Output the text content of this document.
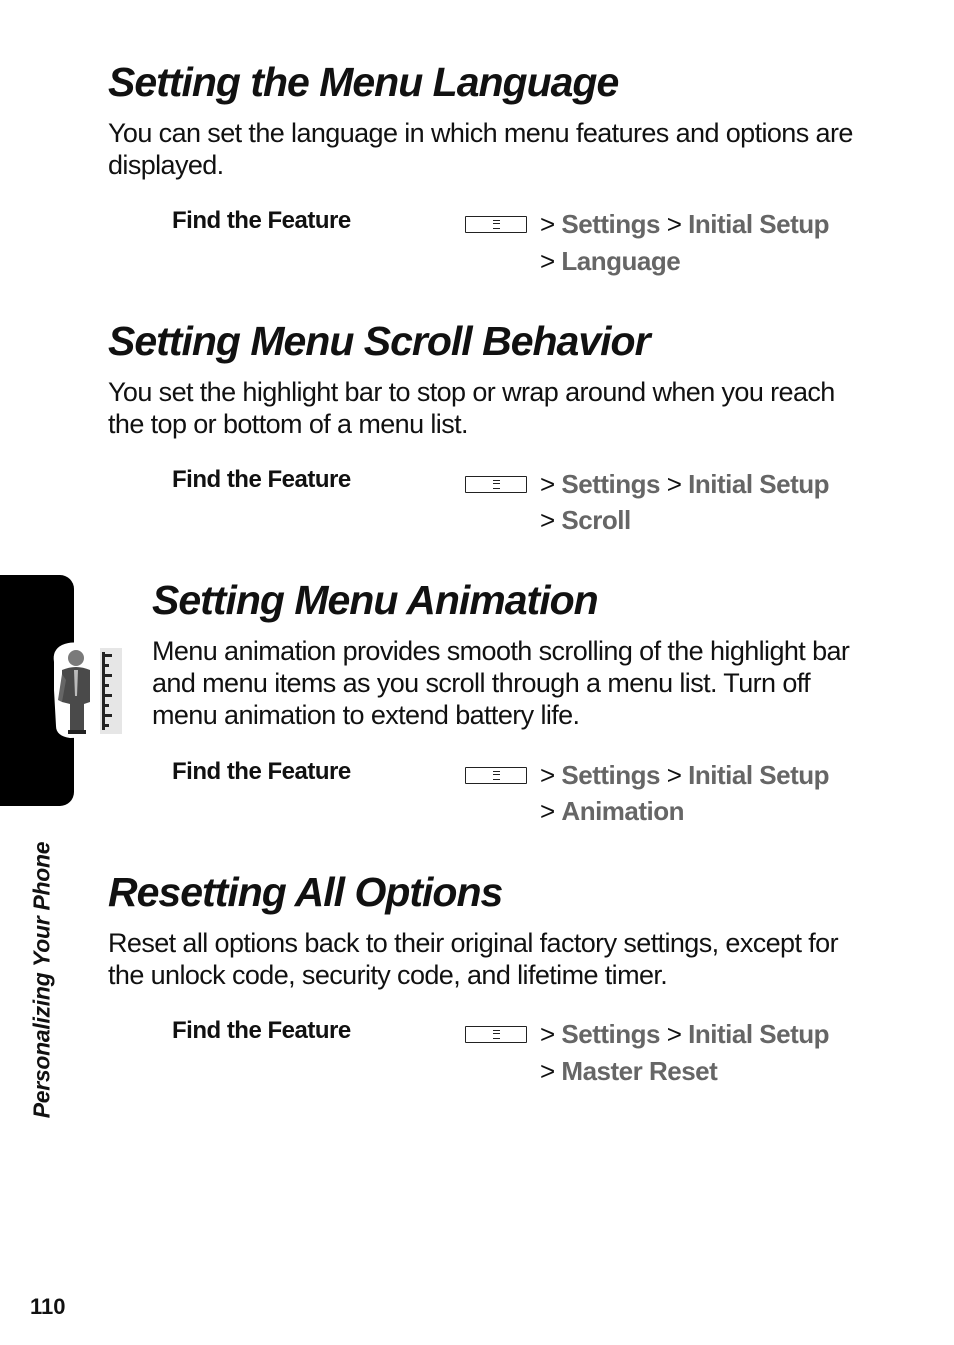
Personalizing Your Phone
Setting the Menu Language

You can set the language in which menu features and options are displayed.

Find the Feature	> Settings > Initial Setup
> Language
Setting Menu Scroll Behavior

You set the highlight bar to stop or wrap around when you reach the top or bottom of a menu list.

Find the Feature	> Settings > Initial Setup
> Scroll
Setting Menu Animation

Menu animation provides smooth scrolling of the highlight bar and menu items as you scroll through a menu list. Turn off menu animation to extend battery life.

Find the Feature	> Settings > Initial Setup
> Animation
Resetting All Options

Reset all options back to their original factory settings, except for the unlock code, security code, and lifetime timer.

Find the Feature	> Settings > Initial Setup
> Master Reset
110
